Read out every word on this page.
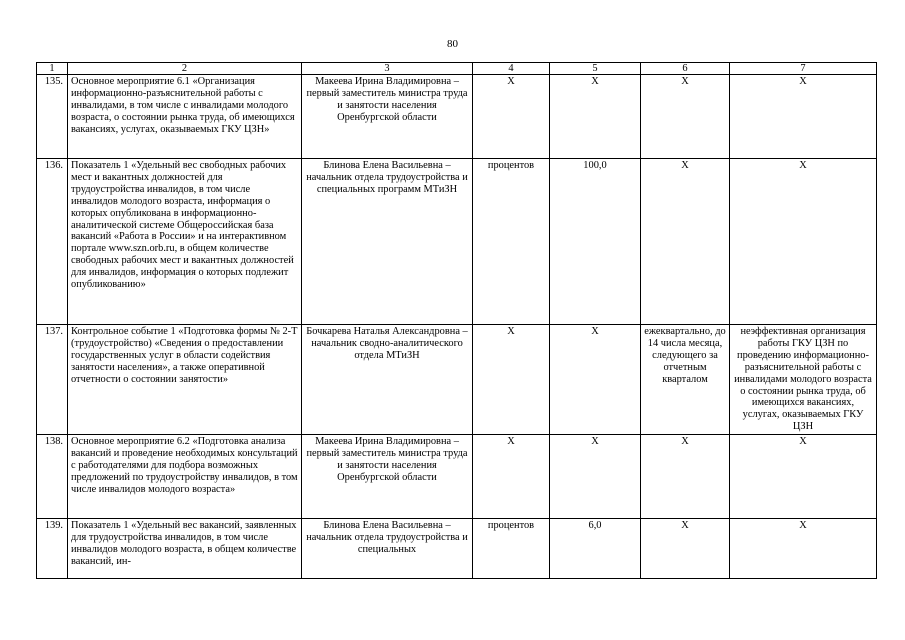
80
1	2	3	4	5	6	7
135.	Основное мероприятие 6.1 «Организация информационно-разъяснительной работы с инвалидами, в том числе с инвалидами молодого возраста, о состоянии рынка труда, об имеющихся вакансиях, услугах, оказываемых ГКУ ЦЗН»	Макеева Ирина Владимировна – первый заместитель министра труда и занятости населения Оренбургской области	Х	Х	Х	Х
136.	Показатель 1 «Удельный вес свободных рабочих мест и вакантных должностей для трудоустройства инвалидов, в том числе инвалидов молодого возраста, информация о которых опубликована в информационно-аналитической системе Общероссийская база вакансий «Работа в России» и на интерактивном портале www.szn.orb.ru, в общем количестве свободных рабочих мест и вакантных должностей для инвалидов, информация о которых подлежит опубликованию»	Блинова Елена Васильевна – начальник отдела трудоустройства и специальных программ МТиЗН	процентов	100,0	Х	Х
137.	Контрольное событие 1 «Подготовка формы № 2-Т (трудоустройство) «Сведения о предоставлении государственных услуг в области содействия занятости населения», а также оперативной отчетности о состоянии занятости»	Бочкарева Наталья Александровна – начальник сводно-аналитического отдела МТиЗН	Х	Х	ежеквартально, до 14 числа месяца, следующего за отчетным кварталом	неэффективная организация работы ГКУ ЦЗН по проведению информационно-разъяснительной работы с инвалидами молодого возраста о состоянии рынка труда, об имеющихся вакансиях, услугах, оказываемых ГКУ ЦЗН
138.	Основное мероприятие 6.2 «Подготовка анализа вакансий и проведение необходимых консультаций с работодателями для подбора возможных предложений по трудоустройству инвалидов, в том числе инвалидов молодого возраста»	Макеева Ирина Владимировна – первый заместитель министра труда и занятости населения Оренбургской области	Х	Х	Х	Х

139.	Показатель 1 «Удельный вес вакансий, заявленных для трудоустройства инвалидов, в том числе инвалидов молодого возраста, в общем количестве вакансий, ин-	Блинова Елена Васильевна – начальник отдела трудоустройства и специальных	процентов	6,0	Х	Х
